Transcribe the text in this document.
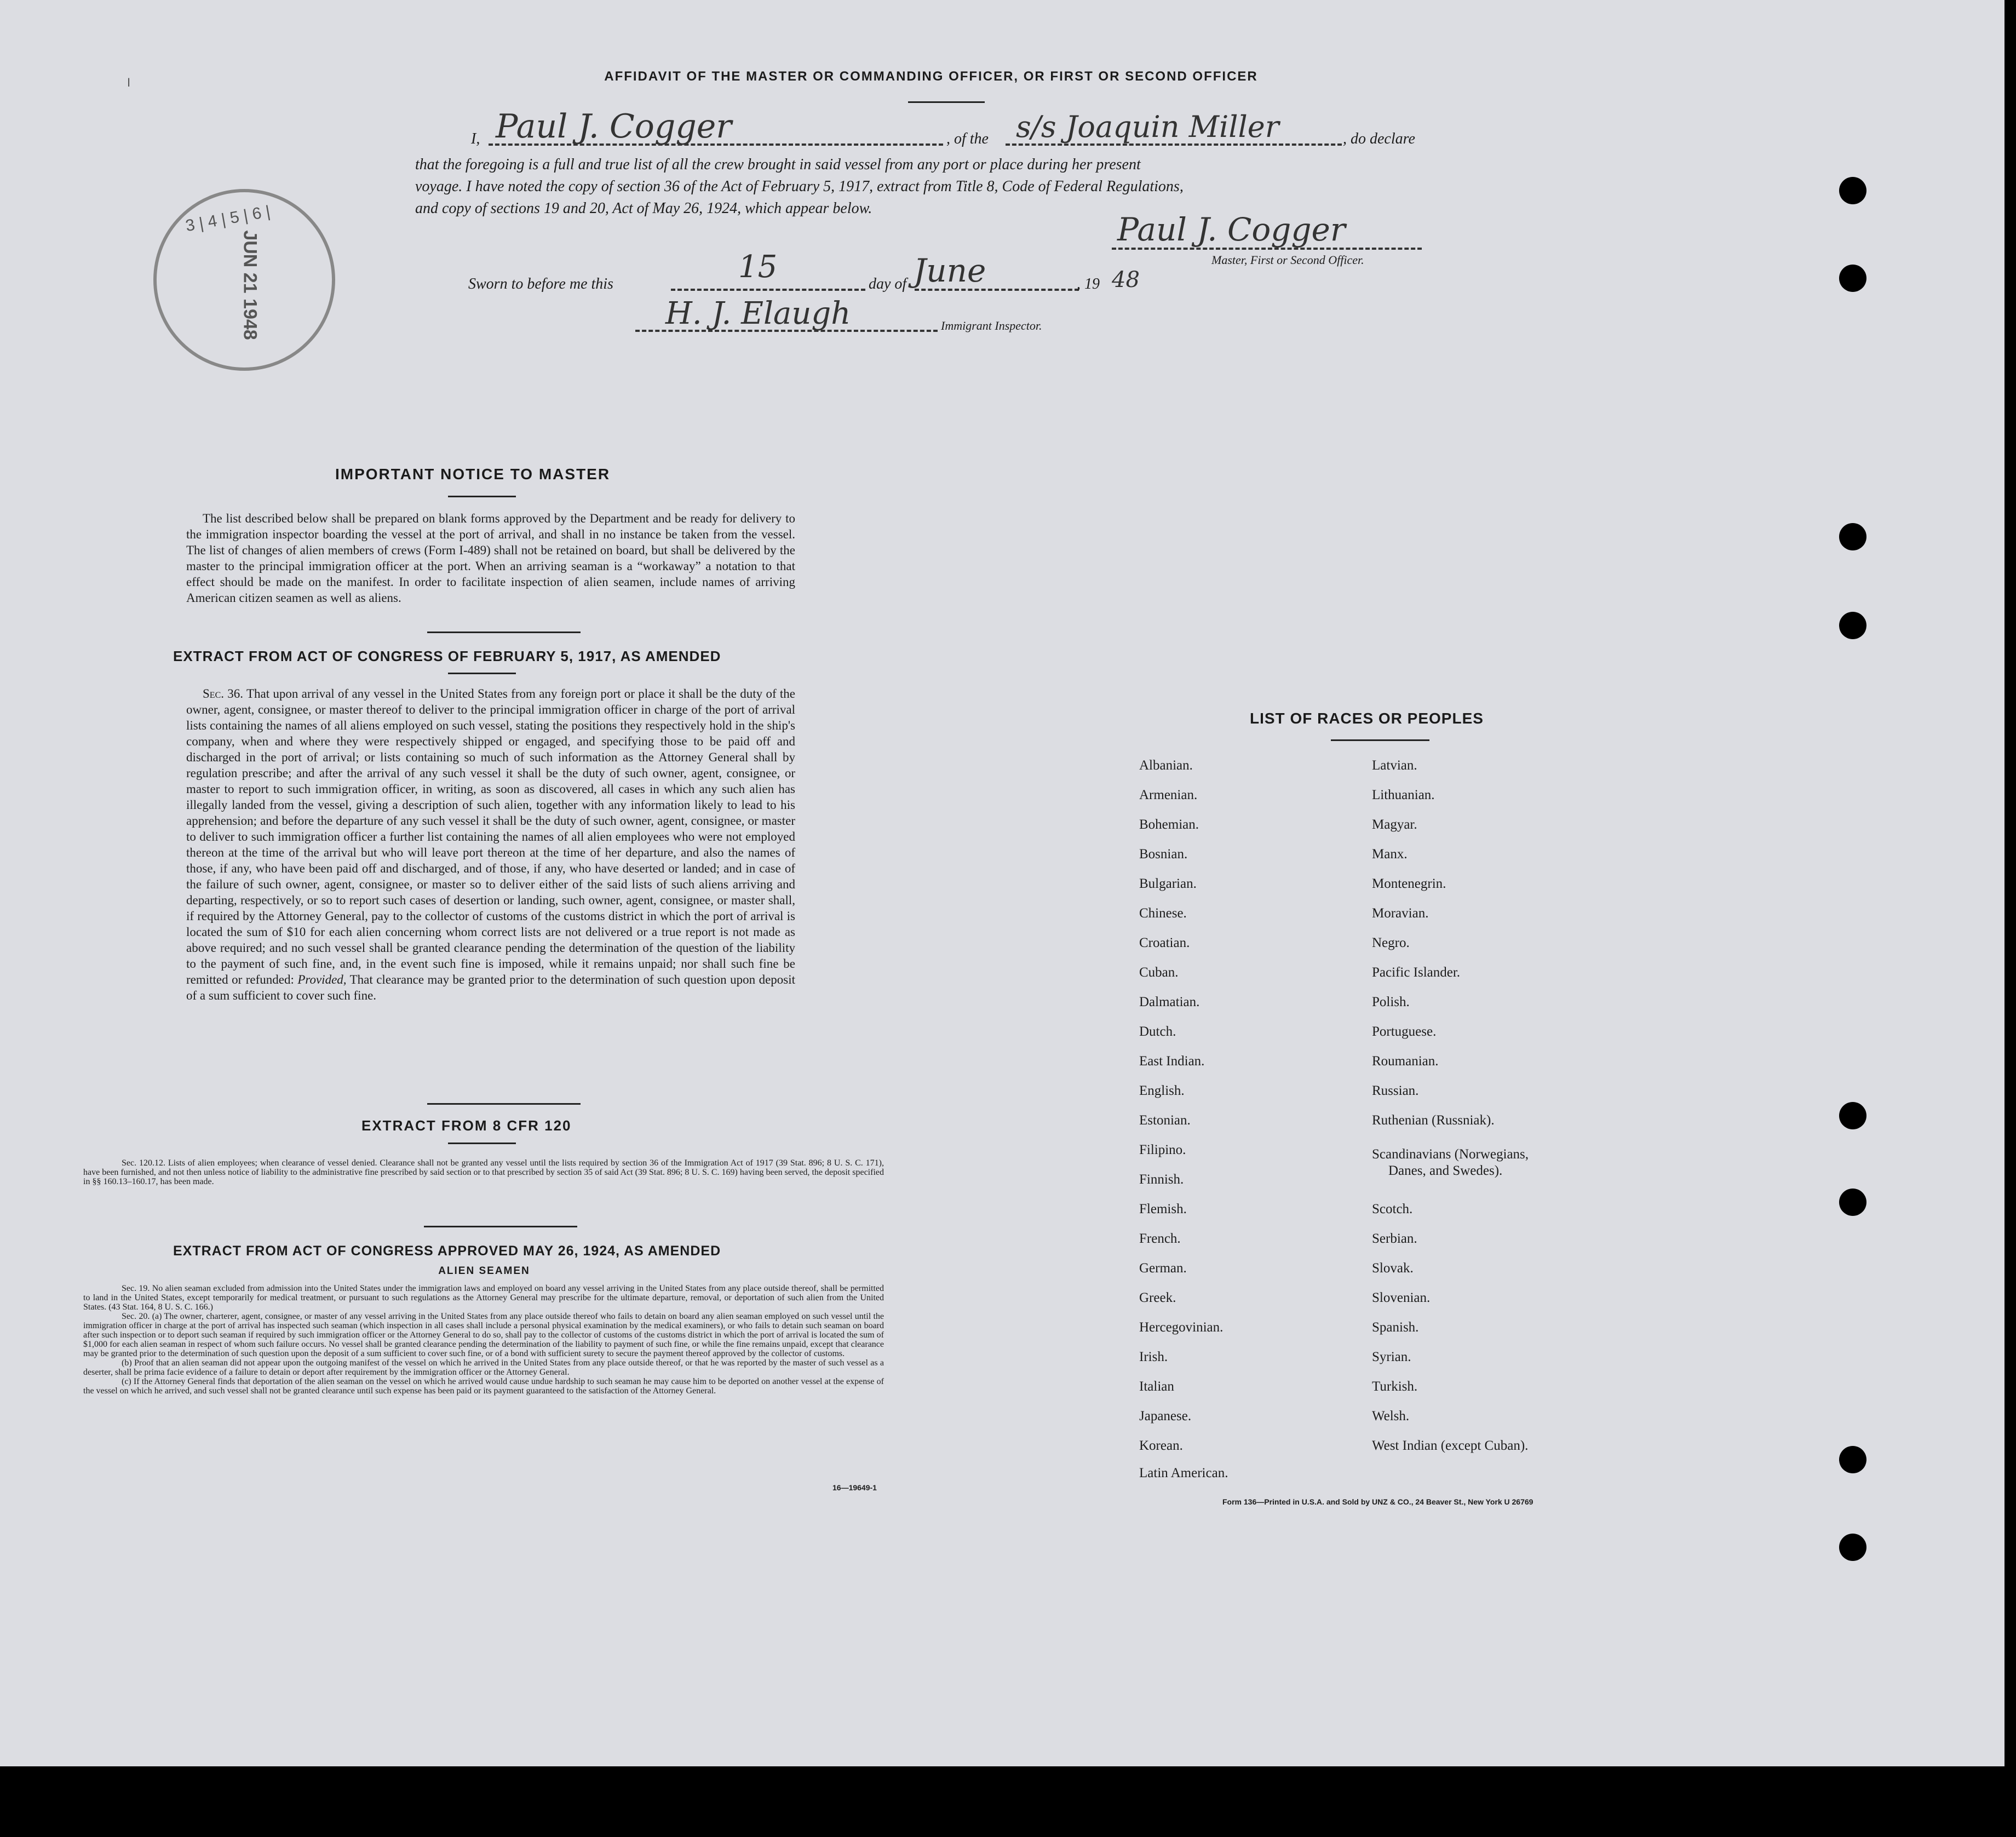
I	AFFIDAVIT OF THE MASTER OR COMMANDING OFFICER, OR FIRST OR SECOND OFFICER
I, Paul J. Cogger	, of the s/s Joaquin Miller	, do declare
that the foregoing is a full and true list of all the crew brought in said vessel from any port or place during her present
voyage. I have noted the copy of section 36 of the Act of February 5, 1917, extract from Title 8, Code of Federal Regulations,
and copy of sections 19 and 20, Act of May 26, 1924, which appear below.
Paul J. Cogger
Master, First or Second Officer.
Sworn to before me this	15	day of June	, 19 48
H. J. Elaugh	Immigrant Inspector.
3 | 4 | 5 | 6 |
JUN 21 1948
IMPORTANT NOTICE TO MASTER

The list described below shall be prepared on blank forms approved by the Department and be ready for delivery to the immigration inspector boarding the vessel at the port of arrival, and shall in no instance be taken from the vessel. The list of changes of alien members of crews (Form I-489) shall not be retained on board, but shall be delivered by the master to the principal immigration officer at the port. When an arriving seaman is a “workaway” a notation to that effect should be made on the manifest. In order to facilitate inspection of alien seamen, include names of arriving American citizen seamen as well as aliens.

EXTRACT FROM ACT OF CONGRESS OF FEBRUARY 5, 1917, AS AMENDED

Sec. 36. That upon arrival of any vessel in the United States from any foreign port or place it shall be the duty of the owner, agent, consignee, or master thereof to deliver to the principal immigration officer in charge of the port of arrival lists containing the names of all aliens employed on such vessel, stating the positions they respectively hold in the ship's company, when and where they were respectively shipped or engaged, and specifying those to be paid off and discharged in the port of arrival; or lists containing so much of such information as the Attorney General shall by regulation prescribe; and after the arrival of any such vessel it shall be the duty of such owner, agent, consignee, or master to report to such immigration officer, in writing, as soon as discovered, all cases in which any such alien has illegally landed from the vessel, giving a description of such alien, together with any information likely to lead to his apprehension; and before the departure of any such vessel it shall be the duty of such owner, agent, consignee, or master to deliver to such immigration officer a further list containing the names of all alien employees who were not employed thereon at the time of the arrival but who will leave port thereon at the time of her departure, and also the names of those, if any, who have been paid off and discharged, and of those, if any, who have deserted or landed; and in case of the failure of such owner, agent, consignee, or master so to deliver either of the said lists of such aliens arriving and departing, respectively, or so to report such cases of desertion or landing, such owner, agent, consignee, or master shall, if required by the Attorney General, pay to the collector of customs of the customs district in which the port of arrival is located the sum of $10 for each alien concerning whom correct lists are not delivered or a true report is not made as above required; and no such vessel shall be granted clearance pending the determination of the question of the liability to the payment of such fine, and, in the event such fine is imposed, while it remains unpaid; nor shall such fine be remitted or refunded: Provided, That clearance may be granted prior to the determination of such question upon deposit of a sum sufficient to cover such fine.

EXTRACT FROM 8 CFR 120

Sec. 120.12. Lists of alien employees; when clearance of vessel denied. Clearance shall not be granted any vessel until the lists required by section 36 of the Immigration Act of 1917 (39 Stat. 896; 8 U. S. C. 171), have been furnished, and not then unless notice of liability to the administrative fine prescribed by said section or to that prescribed by section 35 of said Act (39 Stat. 896; 8 U. S. C. 169) having been served, the deposit specified in §§ 160.13–160.17, has been made.

EXTRACT FROM ACT OF CONGRESS APPROVED MAY 26, 1924, AS AMENDED
ALIEN SEAMEN

Sec. 19. No alien seaman excluded from admission into the United States under the immigration laws and employed on board any vessel arriving in the United States from any place outside thereof, shall be permitted to land in the United States, except temporarily for medical treatment, or pursuant to such regulations as the Attorney General may prescribe for the ultimate departure, removal, or deportation of such alien from the United States. (43 Stat. 164, 8 U. S. C. 166.)

Sec. 20. (a) The owner, charterer, agent, consignee, or master of any vessel arriving in the United States from any place outside thereof who fails to detain on board any alien seaman employed on such vessel until the immigration officer in charge at the port of arrival has inspected such seaman (which inspection in all cases shall include a personal physical examination by the medical examiners), or who fails to detain such seaman on board after such inspection or to deport such seaman if required by such immigration officer or the Attorney General to do so, shall pay to the collector of customs of the customs district in which the port of arrival is located the sum of $1,000 for each alien seaman in respect of whom such failure occurs. No vessel shall be granted clearance pending the determination of the liability to payment of such fine, or while the fine remains unpaid, except that clearance may be granted prior to the determination of such question upon the deposit of a sum sufficient to cover such fine, or of a bond with sufficient surety to secure the payment thereof approved by the collector of customs.

(b) Proof that an alien seaman did not appear upon the outgoing manifest of the vessel on which he arrived in the United States from any place outside thereof, or that he was reported by the master of such vessel as a deserter, shall be prima facie evidence of a failure to detain or deport after requirement by the immigration officer or the Attorney General.

(c) If the Attorney General finds that deportation of the alien seaman on the vessel on which he arrived would cause undue hardship to such seaman he may cause him to be deported on another vessel at the expense of the vessel on which he arrived, and such vessel shall not be granted clearance until such expense has been paid or its payment guaranteed to the satisfaction of the Attorney General.

16—19649-1
LIST OF RACES OR PEOPLES
Albanian.
Armenian.
Bohemian.
Bosnian.
Bulgarian.
Chinese.
Croatian.
Cuban.
Dalmatian.
Dutch.
East Indian.
English.
Estonian.
Filipino.
Finnish.
Flemish.
French.
German.
Greek.
Hercegovinian.
Irish.
Italian
Japanese.
Korean.
Latin American.
Latvian.
Lithuanian.
Magyar.
Manx.
Montenegrin.
Moravian.
Negro.
Pacific Islander.
Polish.
Portuguese.
Roumanian.
Russian.
Ruthenian (Russniak).
Scandinavians (Norwegians,
Danes, and Swedes).
Scotch.
Serbian.
Slovak.
Slovenian.
Spanish.
Syrian.
Turkish.
Welsh.
West Indian (except Cuban).
Form 136—Printed in U.S.A. and Sold by UNZ & CO., 24 Beaver St., New York U 26769
